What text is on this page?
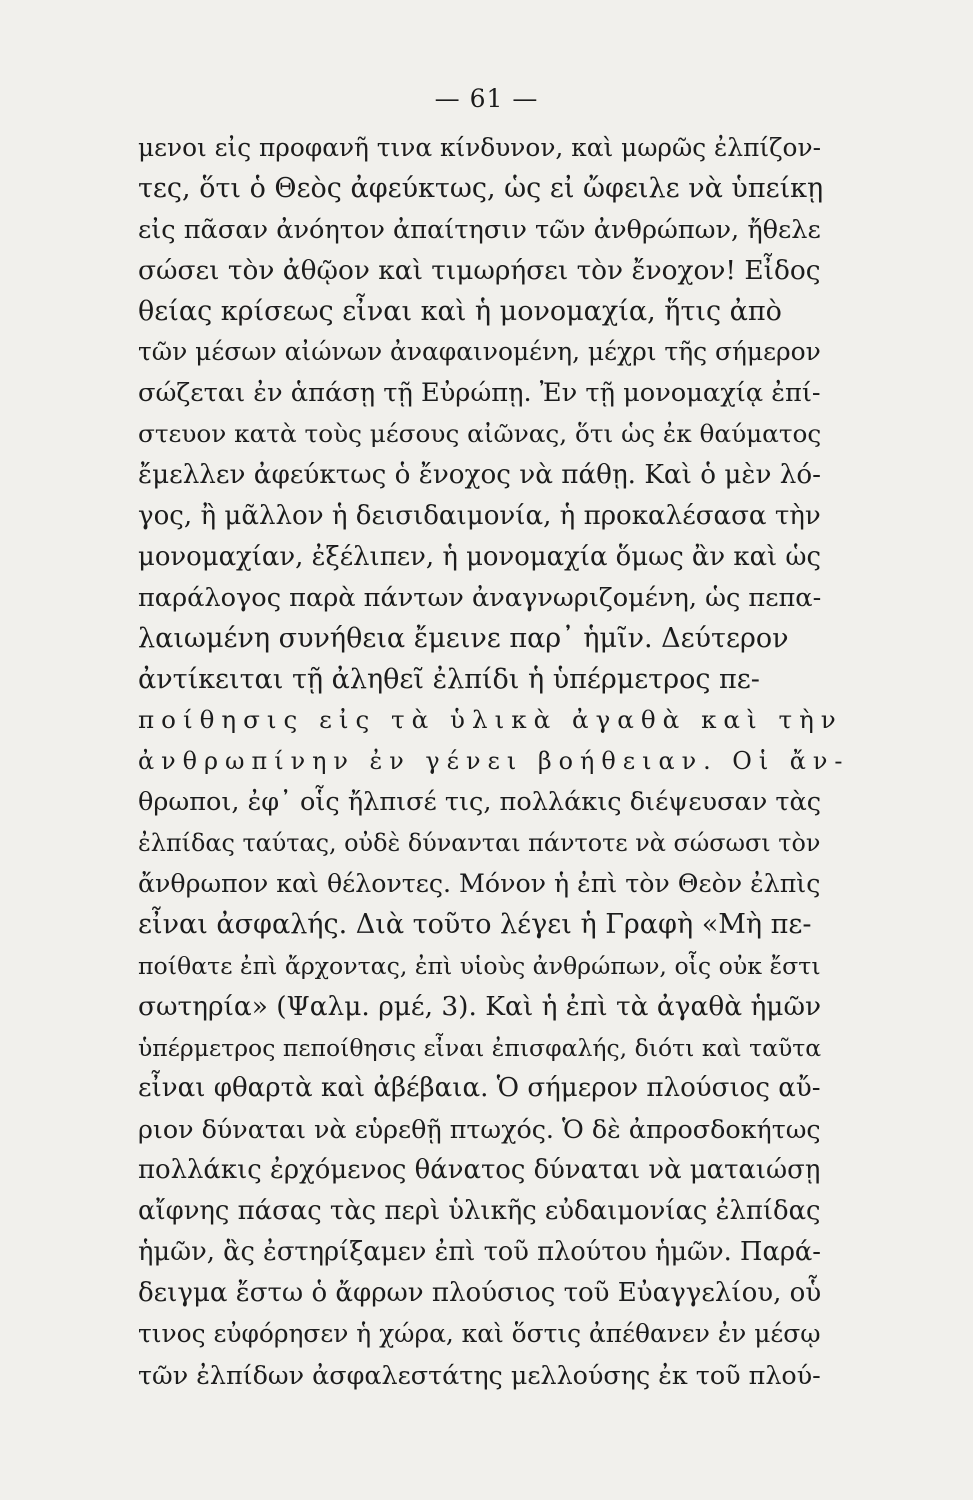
— 61 —
μενοι εἰς προφανῆ τινα κίνδυνον, καὶ μωρῶς ἐλπίζον-
τες, ὅτι ὁ Θεὸς ἀφεύκτως, ὡς εἰ ὤφειλε νὰ ὑπείκῃ
εἰς πᾶσαν ἀνόητον ἀπαίτησιν τῶν ἀνθρώπων, ἤθελε
σώσει τὸν ἀθῷον καὶ τιμωρήσει τὸν ἔνοχον! Εἶδος
θείας κρίσεως εἶναι καὶ ἡ μονομαχία, ἥτις ἀπὸ
τῶν μέσων αἰώνων ἀναφαινομένη, μέχρι τῆς σήμερον
σώζεται ἐν ἁπάσῃ τῇ Εὐρώπῃ. Ἐν τῇ μονομαχίᾳ ἐπί-
στευον κατὰ τοὺς μέσους αἰῶνας, ὅτι ὡς ἐκ θαύματος
ἔμελλεν ἀφεύκτως ὁ ἔνοχος νὰ πάθῃ. Καὶ ὁ μὲν λό-
γος, ἢ μᾶλλον ἡ δεισιδαιμονία, ἡ προκαλέσασα τὴν
μονομαχίαν, ἐξέλιπεν, ἡ μονομαχία ὅμως ἂν καὶ ὡς
παράλογος παρὰ πάντων ἀναγνωριζομένη, ὡς πεπα-
λαιωμένη συνήθεια ἔμεινε παρ᾽ ἡμῖν. Δεύτερον
ἀντίκειται τῇ ἀληθεῖ ἐλπίδι ἡ ὑπέρμετρος πε-
ποίθησις εἰς τὰ ὑλικὰ ἀγαθὰ καὶ τὴν
ἀνθρωπίνην ἐν γένει βοήθειαν. Οἱ ἄν-
θρωποι, ἐφ᾽ οἷς ἤλπισέ τις, πολλάκις διέψευσαν τὰς
ἐλπίδας ταύτας, οὐδὲ δύνανται πάντοτε νὰ σώσωσι τὸν
ἄνθρωπον καὶ θέλοντες. Μόνον ἡ ἐπὶ τὸν Θεὸν ἐλπὶς
εἶναι ἀσφαλής. Διὰ τοῦτο λέγει ἡ Γραφὴ «Μὴ πε-
ποίθατε ἐπὶ ἄρχοντας, ἐπὶ υἱοὺς ἀνθρώπων, οἷς οὐκ ἔστι
σωτηρία» (Ψαλμ. ρμέ, 3). Καὶ ἡ ἐπὶ τὰ ἀγαθὰ ἡμῶν
ὑπέρμετρος πεποίθησις εἶναι ἐπισφαλής, διότι καὶ ταῦτα
εἶναι φθαρτὰ καὶ ἀβέβαια. Ὁ σήμερον πλούσιος αὔ-
ριον δύναται νὰ εὑρεθῇ πτωχός. Ὁ δὲ ἀπροσδοκήτως
πολλάκις ἐρχόμενος θάνατος δύναται νὰ ματαιώσῃ
αἴφνης πάσας τὰς περὶ ὑλικῆς εὐδαιμονίας ἐλπίδας
ἡμῶν, ἃς ἐστηρίξαμεν ἐπὶ τοῦ πλούτου ἡμῶν. Παρά-
δειγμα ἔστω ὁ ἄφρων πλούσιος τοῦ Εὐαγγελίου, οὗ
τινος εὐφόρησεν ἡ χώρα, καὶ ὅστις ἀπέθανεν ἐν μέσῳ
τῶν ἐλπίδων ἀσφαλεστάτης μελλούσης ἐκ τοῦ πλού-
